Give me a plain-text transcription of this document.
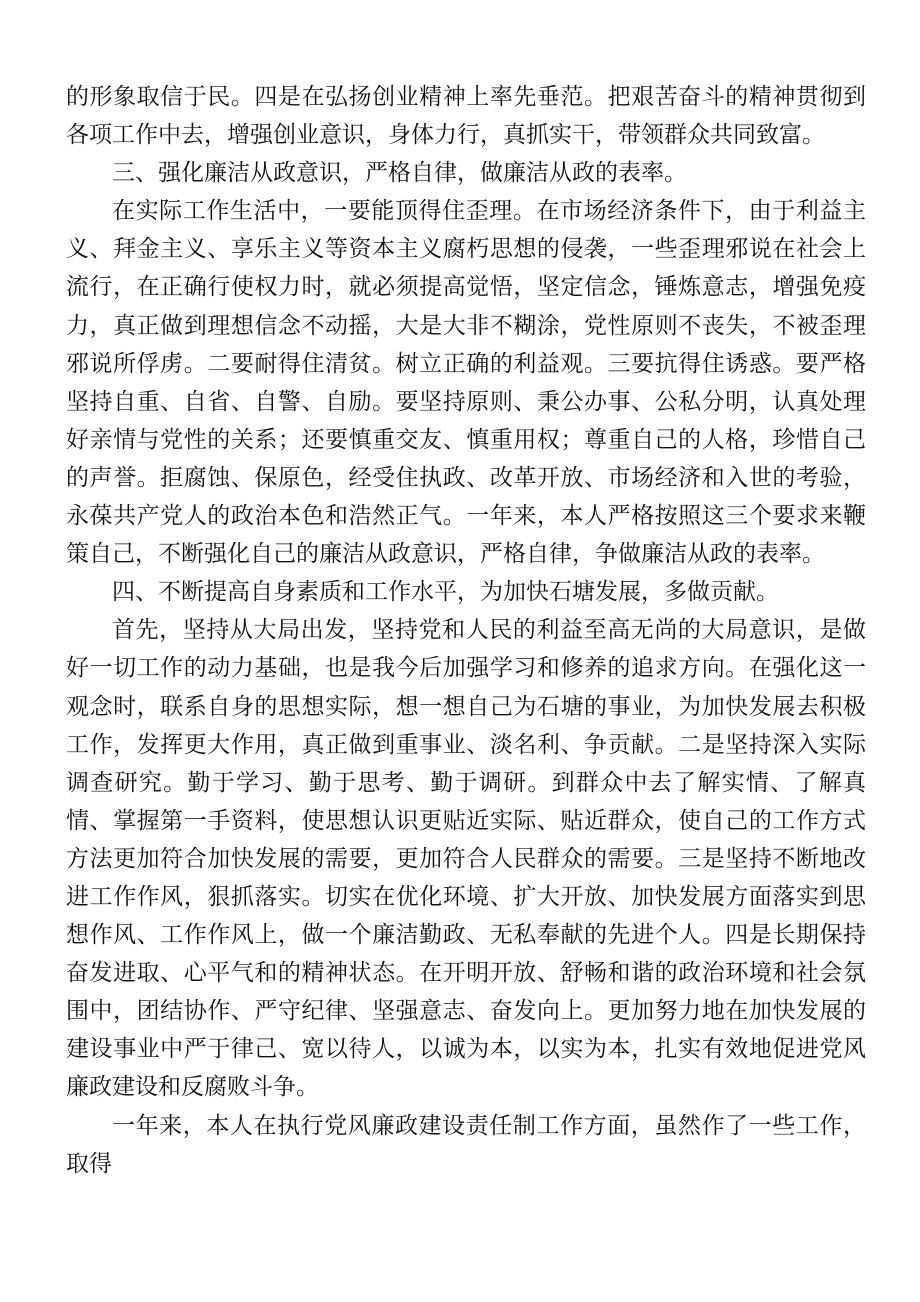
的形象取信于民。四是在弘扬创业精神上率先垂范。把艰苦奋斗的精神贯彻到各项工作中去，增强创业意识，身体力行，真抓实干，带领群众共同致富。

三、强化廉洁从政意识，严格自律，做廉洁从政的表率。

在实际工作生活中，一要能顶得住歪理。在市场经济条件下，由于利益主义、拜金主义、享乐主义等资本主义腐朽思想的侵袭，一些歪理邪说在社会上流行，在正确行使权力时，就必须提高觉悟，坚定信念，锤炼意志，增强免疫力，真正做到理想信念不动摇，大是大非不糊涂，党性原则不丧失，不被歪理邪说所俘虏。二要耐得住清贫。树立正确的利益观。三要抗得住诱惑。要严格坚持自重、自省、自警、自励。要坚持原则、秉公办事、公私分明，认真处理好亲情与党性的关系；还要慎重交友、慎重用权；尊重自己的人格，珍惜自己的声誉。拒腐蚀、保原色，经受住执政、改革开放、市场经济和入世的考验，永葆共产党人的政治本色和浩然正气。一年来，本人严格按照这三个要求来鞭策自己，不断强化自己的廉洁从政意识，严格自律，争做廉洁从政的表率。

四、不断提高自身素质和工作水平，为加快石塘发展，多做贡献。

首先，坚持从大局出发，坚持党和人民的利益至高无尚的大局意识，是做好一切工作的动力基础，也是我今后加强学习和修养的追求方向。在强化这一观念时，联系自身的思想实际，想一想自己为石塘的事业，为加快发展去积极工作，发挥更大作用，真正做到重事业、淡名利、争贡献。二是坚持深入实际调查研究。勤于学习、勤于思考、勤于调研。到群众中去了解实情、了解真情、掌握第一手资料，使思想认识更贴近实际、贴近群众，使自己的工作方式方法更加符合加快发展的需要，更加符合人民群众的需要。三是坚持不断地改进工作作风，狠抓落实。切实在优化环境、扩大开放、加快发展方面落实到思想作风、工作作风上，做一个廉洁勤政、无私奉献的先进个人。四是长期保持奋发进取、心平气和的精神状态。在开明开放、舒畅和谐的政治环境和社会氛围中，团结协作、严守纪律、坚强意志、奋发向上。更加努力地在加快发展的建设事业中严于律己、宽以待人，以诚为本，以实为本，扎实有效地促进党风廉政建设和反腐败斗争。

一年来，本人在执行党风廉政建设责任制工作方面，虽然作了一些工作，取得
